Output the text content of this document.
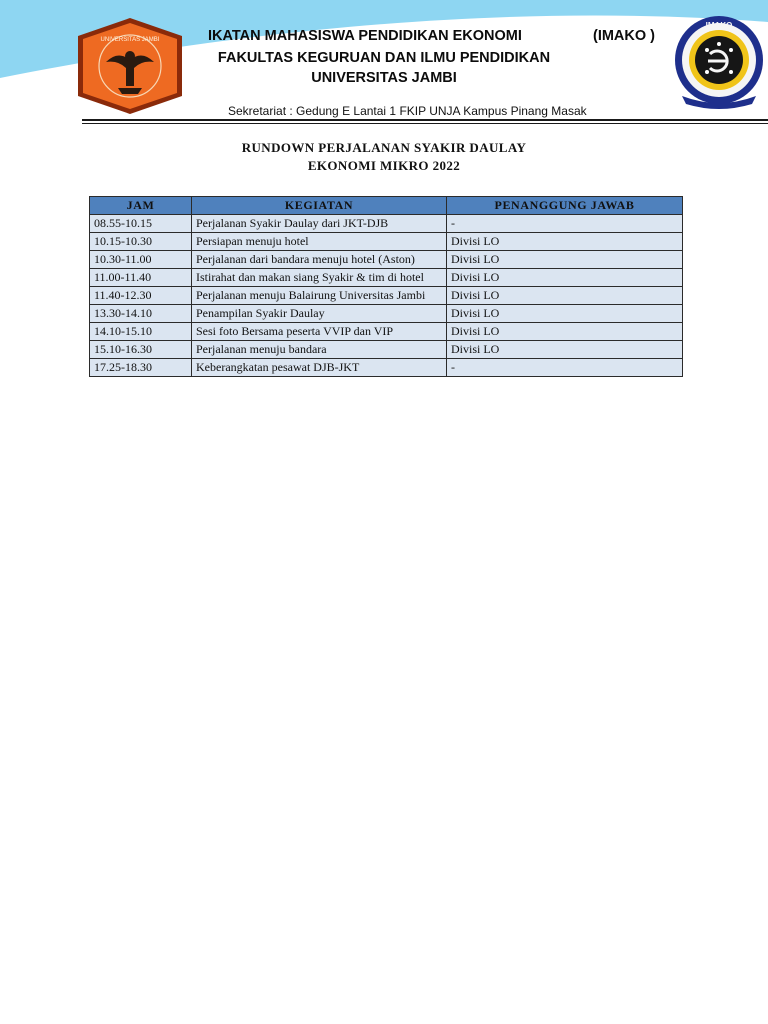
UNIVERSITAS JAMBI
IMAKO
IKATAN MAHASISWA PENDIDIKAN EKONOMI	(IMAKO )
FAKULTAS KEGURUAN DAN ILMU PENDIDIKAN
UNIVERSITAS JAMBI
Sekretariat : Gedung E Lantai 1 FKIP UNJA Kampus Pinang Masak
RUNDOWN PERJALANAN SYAKIR DAULAY
EKONOMI MIKRO 2022
JAM	KEGIATAN	PENANGGUNG JAWAB
08.55-10.15	Perjalanan Syakir Daulay dari JKT-DJB	-
10.15-10.30	Persiapan menuju hotel	Divisi LO
10.30-11.00	Perjalanan dari bandara menuju hotel (Aston)	Divisi LO
11.00-11.40	Istirahat dan makan siang Syakir & tim di hotel	Divisi LO
11.40-12.30	Perjalanan menuju Balairung Universitas Jambi	Divisi LO
13.30-14.10	Penampilan Syakir Daulay	Divisi LO
14.10-15.10	Sesi foto Bersama peserta VVIP dan VIP	Divisi LO
15.10-16.30	Perjalanan menuju bandara	Divisi LO
17.25-18.30	Keberangkatan pesawat DJB-JKT	-
